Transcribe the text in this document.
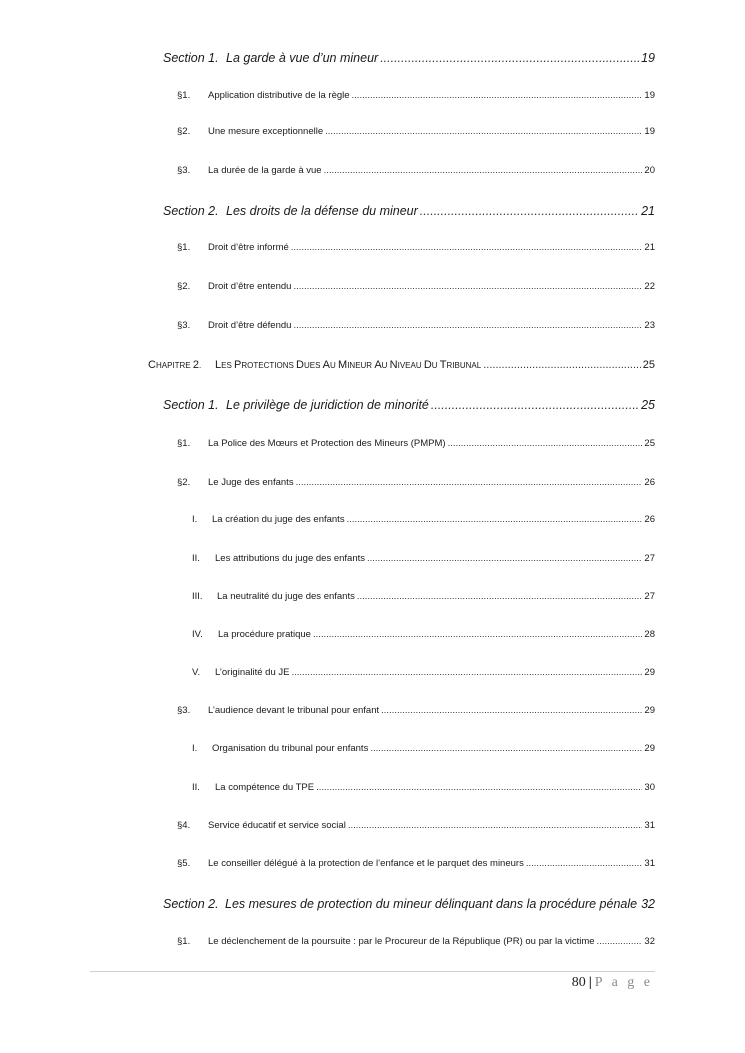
Section 1. La garde à vue d’un mineur .....	19
§1.	Application distributive de la règle .....	19
§2.	Une mesure exceptionnelle .....	19
§3.	La durée de la garde à vue .....	20
Section 2. Les droits de la défense du mineur .....	21
§1.	Droit d’être informé .....	21
§2.	Droit d’être entendu .....	22
§3.	Droit d’être défendu .....	23
CHAPITRE 2.	LES PROTECTIONS DUES AU MINEUR AU NIVEAU DU TRIBUNAL .....	25
Section 1. Le privilège de juridiction de minorité .....	25
§1.	La Police des Mœurs et Protection des Mineurs (PMPM) .....	25
§2.	Le Juge des enfants .....	26
I.	La création du juge des enfants .....	26
II.	Les attributions du juge des enfants .....	27
III.	La neutralité du juge des enfants .....	27
IV.	La procédure pratique .....	28
V.	L’originalité du JE .....	29
§3.	L’audience devant le tribunal pour enfant .....	29
I.	Organisation du tribunal pour enfants .....	29
II.	La compétence du TPE .....	30
§4.	Service éducatif et service social .....	31
§5.	Le conseiller délégué à la protection de l’enfance et le parquet des mineurs .....	31
Section 2. Les mesures de protection du mineur délinquant dans la procédure pénale 32
§1.	Le déclenchement de la poursuite : par le Procureur de la République (PR) ou par la victime .....	32
80 | P a g e
